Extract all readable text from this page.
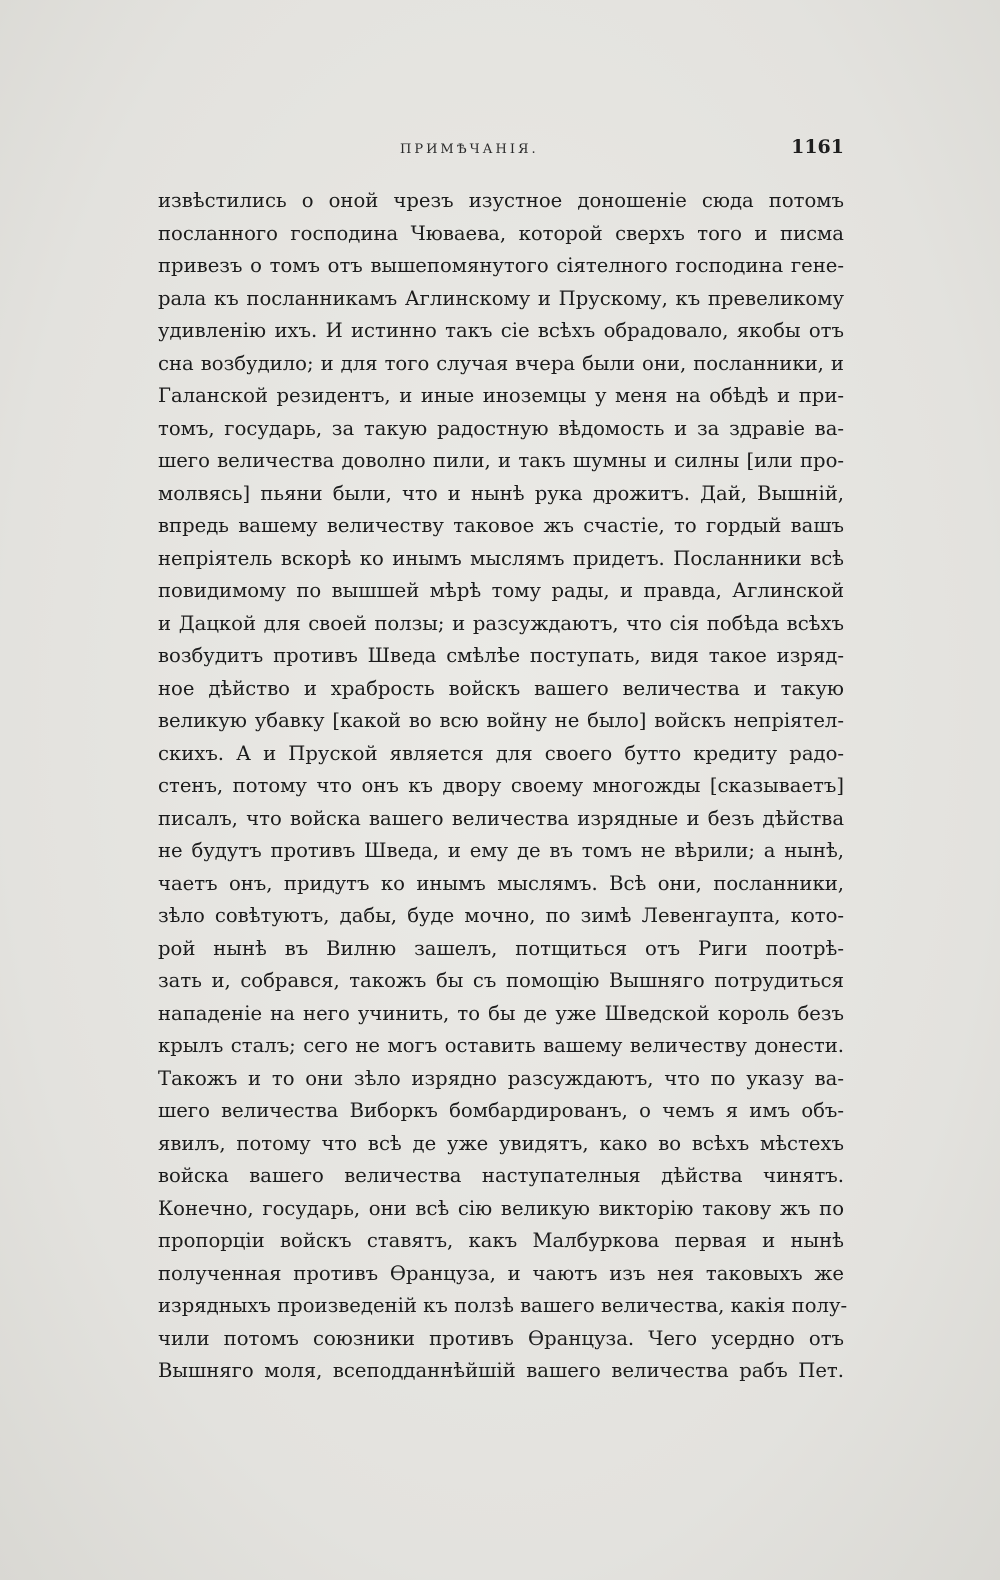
ПРИМѢЧАНІЯ.	1161
извѣстились о оной чрезъ изустное доношеніе сюда потомъ
посланного господина Чюваева, которой сверхъ того и писма
привезъ о томъ отъ вышепомянутого сіятелного господина гене-
рала къ посланникамъ Аглинскому и Прускому, къ превеликому
удивленію ихъ. И истинно такъ сіе всѣхъ обрадовало, якобы отъ
сна возбудило; и для того случая вчера были они, посланники, и
Галанской резидентъ, и иные иноземцы у меня на обѣдѣ и при-
томъ, государь, за такую радостную вѣдомость и за здравіе ва-
шего величества доволно пили, и такъ шумны и силны [или про-
молвясь] пьяни были, что и нынѣ рука дрожитъ. Дай, Вышній,
впредь вашему величеству таковое жъ счастіе, то гордый вашъ
непріятель вскорѣ ко инымъ мыслямъ придетъ. Посланники всѣ
повидимому по вышшей мѣрѣ тому рады, и правда, Аглинской
и Дацкой для своей ползы; и разсуждаютъ, что сія побѣда всѣхъ
возбудитъ противъ Шведа смѣлѣе поступать, видя такое изряд-
ное дѣйство и храбрость войскъ вашего величества и такую
великую убавку [какой во всю войну не было] войскъ непріятел-
скихъ. А и Пруской является для своего бутто кредиту радо-
стенъ, потому что онъ къ двору своему многожды [сказываетъ]
писалъ, что войска вашего величества изрядные и безъ дѣйства
не будутъ противъ Шведа, и ему де въ томъ не вѣрили; а нынѣ,
чаетъ онъ, придутъ ко инымъ мыслямъ. Всѣ они, посланники,
зѣло совѣтуютъ, дабы, буде мочно, по зимѣ Левенгаупта, кото-
рой нынѣ въ Вилню зашелъ, потщиться отъ Риги поотрѣ-
зать и, собрався, такожъ бы съ помощію Вышняго потрудиться
нападеніе на него учинить, то бы де уже Шведской король безъ
крылъ сталъ; сего не могъ оставить вашему величеству донести.
Такожъ и то они зѣло изрядно разсуждаютъ, что по указу ва-
шего величества Виборкъ бомбардированъ, о чемъ я имъ объ-
явилъ, потому что всѣ де уже увидятъ, како во всѣхъ мѣстехъ
войска вашего величества наступателныя дѣйства чинятъ.
Конечно, государь, они всѣ сію великую викторію такову жъ по
пропорціи войскъ ставятъ, какъ Малбуркова первая и нынѣ
полученная противъ Ѳранцуза, и чаютъ изъ нея таковыхъ же
изрядныхъ произведеній къ ползѣ вашего величества, какія полу-
чили потомъ союзники противъ Ѳранцуза. Чего усердно отъ
Вышняго моля, всеподданнѣйшій вашего величества рабъ Пет.
